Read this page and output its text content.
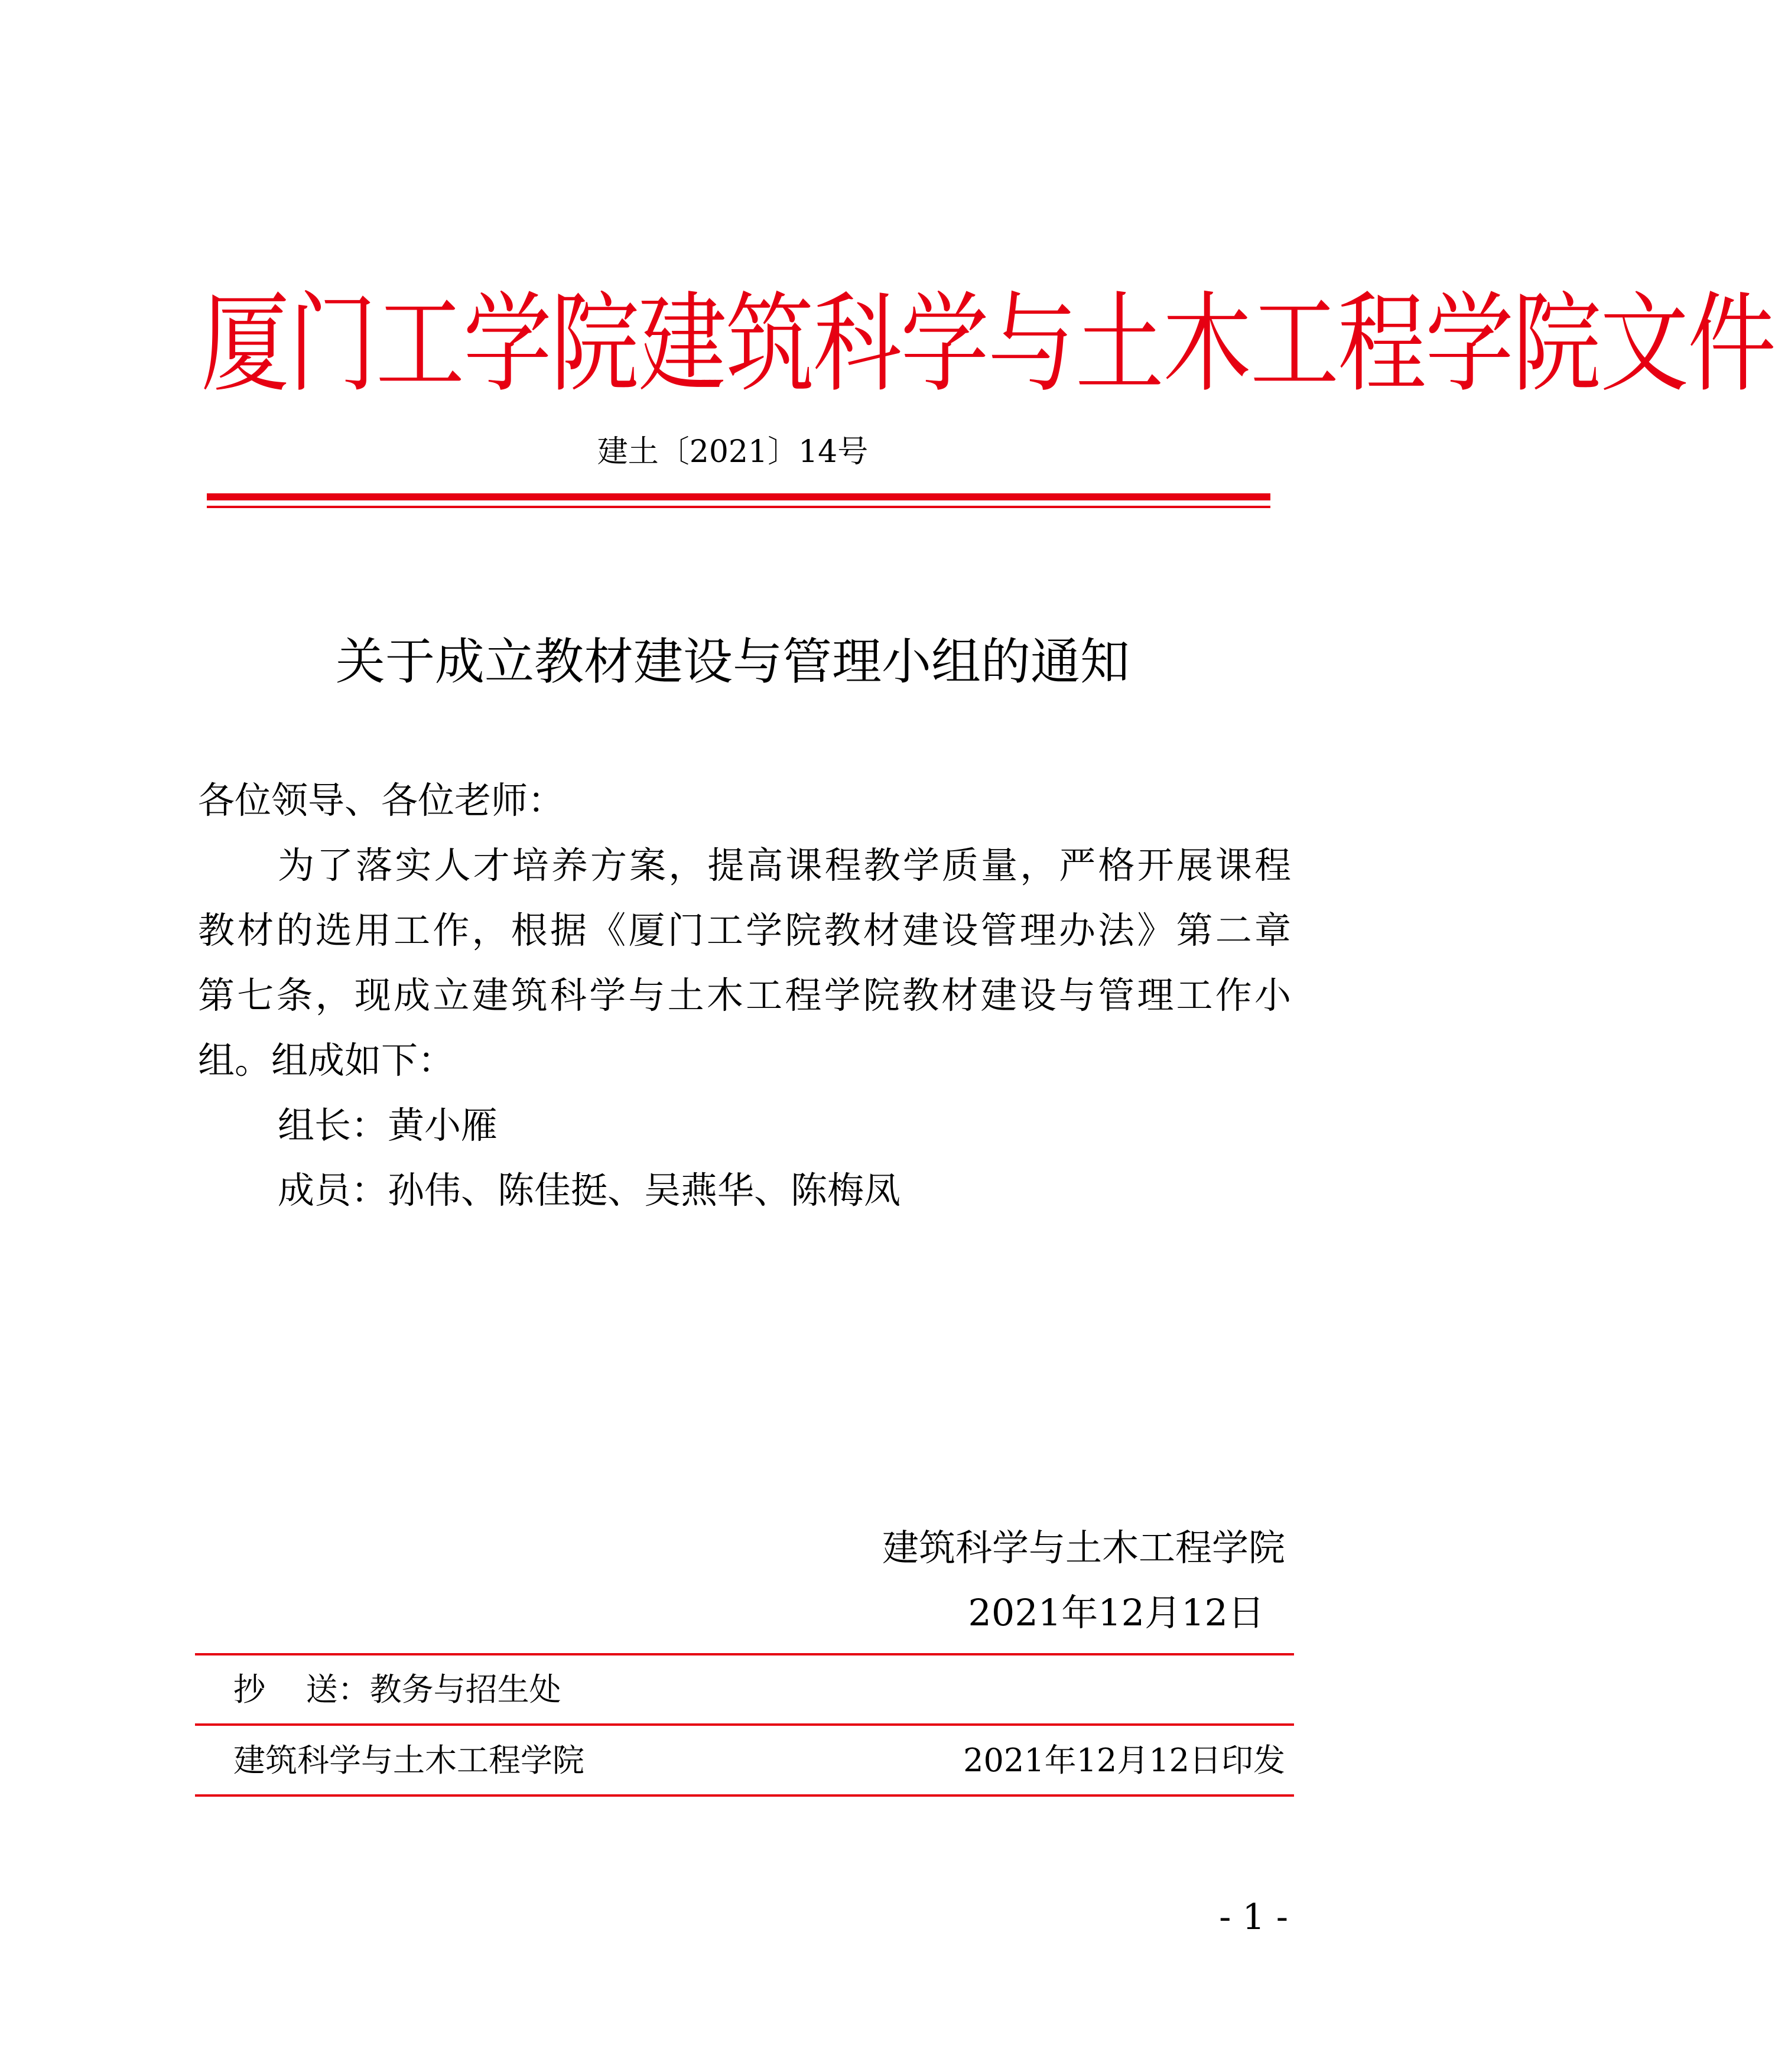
厦门工学院建筑科学与土木工程学院文件
建土〔2021〕14号
关于成立教材建设与管理小组的通知
各位领导、各位老师：
为了落实人才培养方案，提高课程教学质量，严格开展课程
教材的选用工作，根据《厦门工学院教材建设管理办法》第二章
第七条，现成立建筑科学与土木工程学院教材建设与管理工作小
组。组成如下：
组长：黄小雁
成员：孙伟、陈佳挺、吴燕华、陈梅凤
建筑科学与土木工程学院
2021年12月12日
抄    送：教务与招生处
建筑科学与土木工程学院	2021年12月12日印发
- 1 -
